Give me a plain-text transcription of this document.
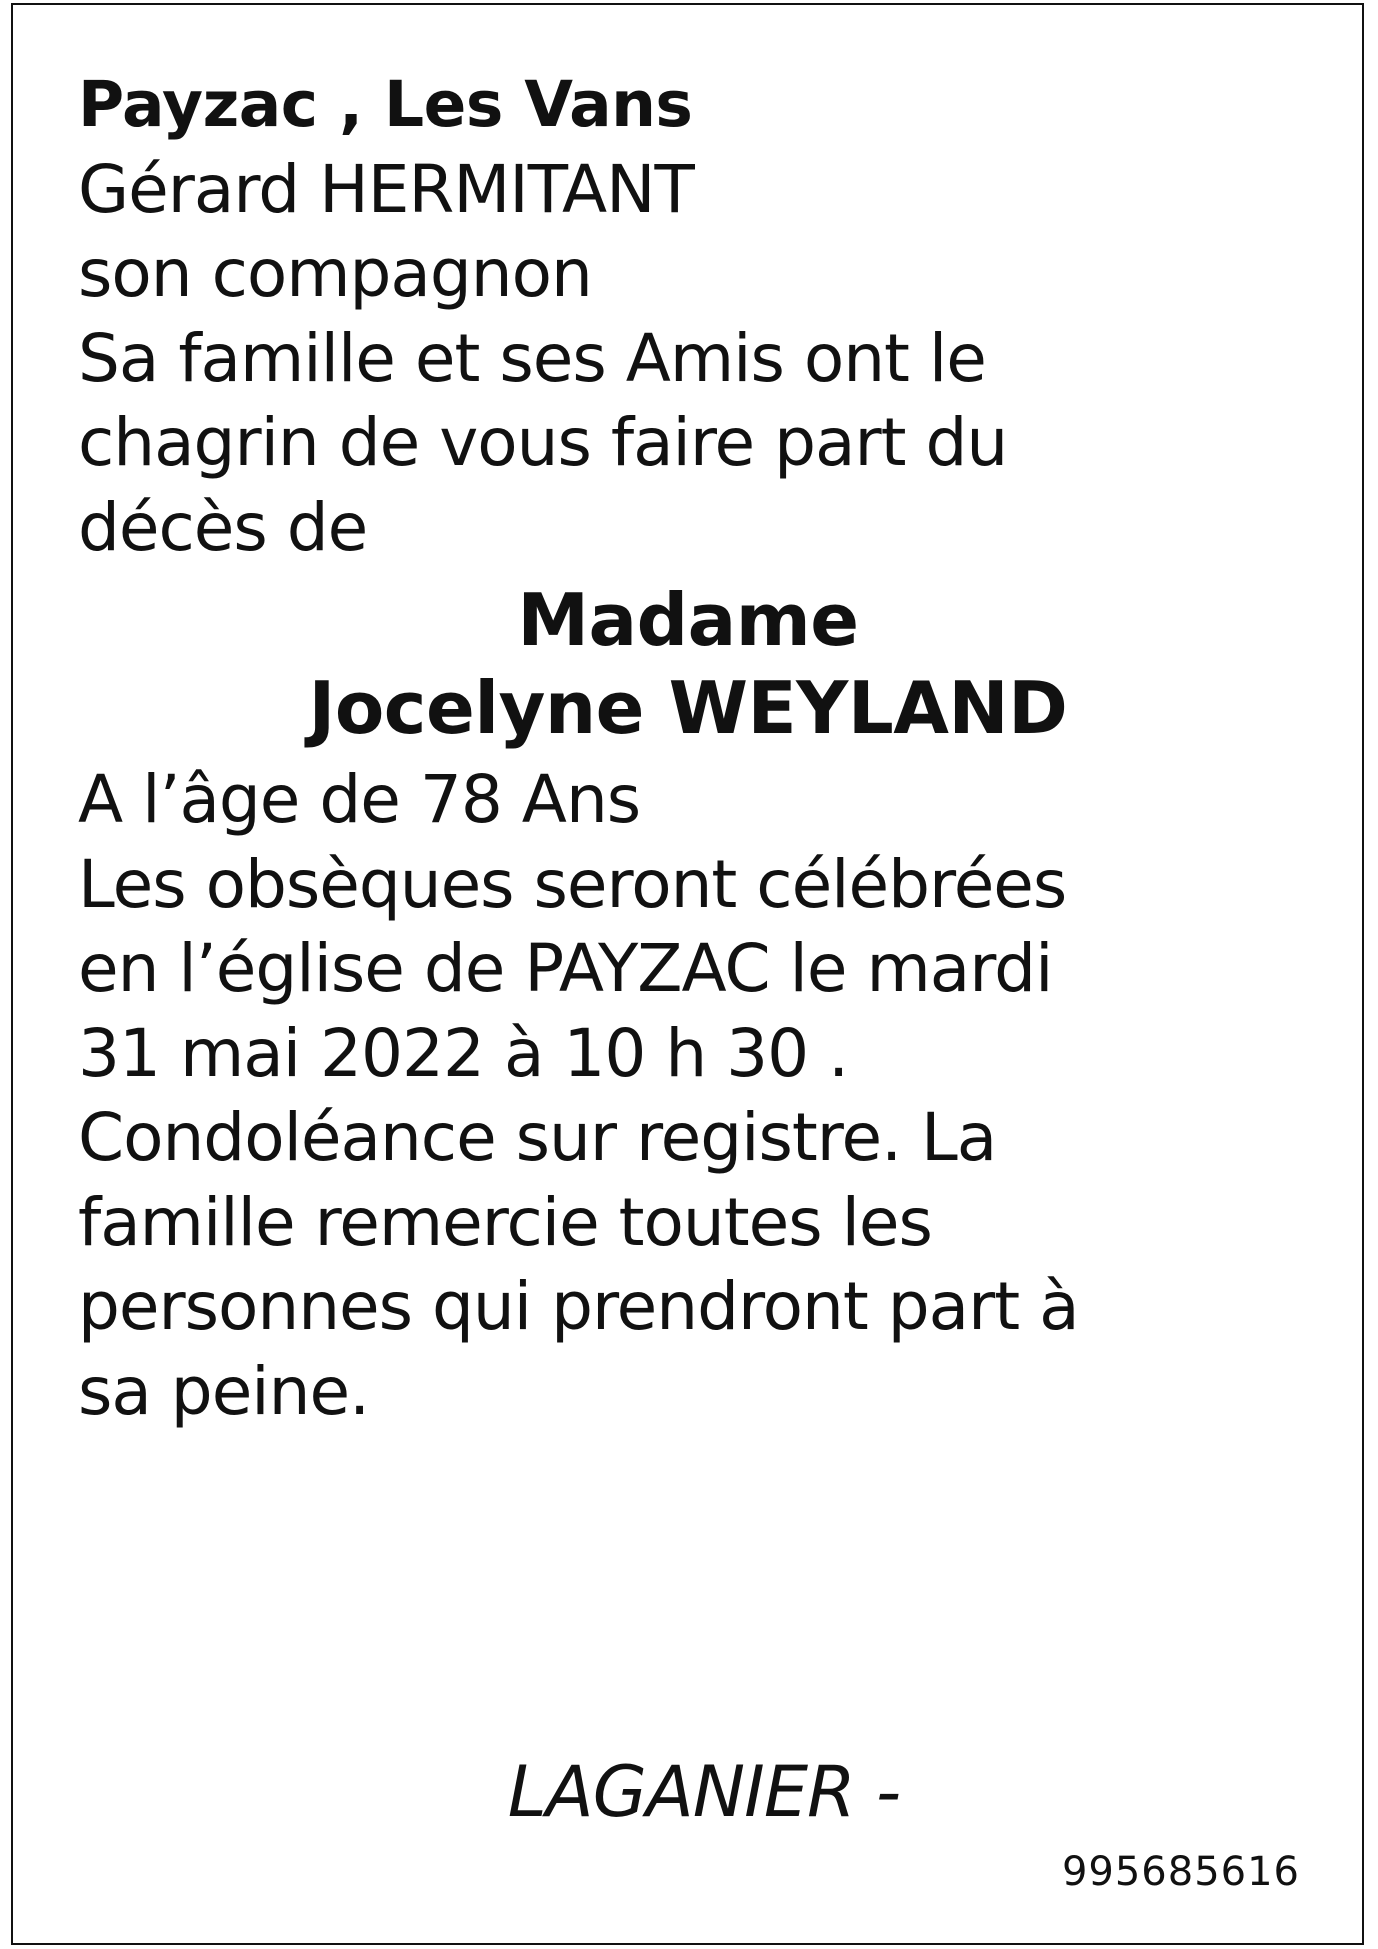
Payzac , Les Vans
Gérard HERMITANT
son compagnon
Sa famille et ses Amis ont le
chagrin de vous faire part du
décès de
Madame
Jocelyne WEYLAND
A l’âge de 78 Ans
Les obsèques seront célébrées
en l’église de PAYZAC le mardi
31 mai 2022 à 10 h 30 .
Condoléance sur registre. La
famille remercie toutes les
personnes qui prendront part à
sa peine.
LAGANIER -
995685616
